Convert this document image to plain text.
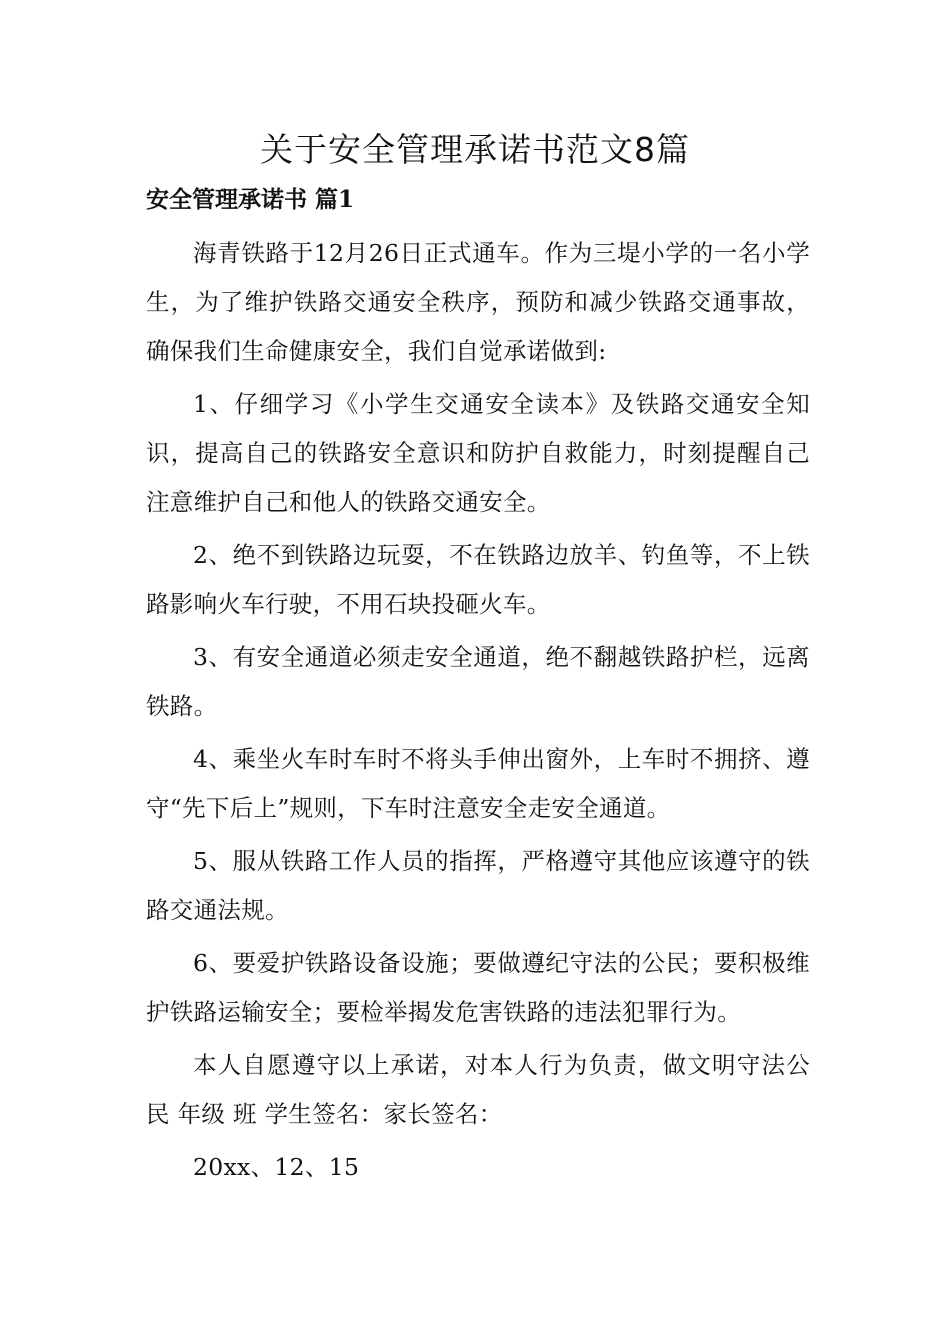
关于安全管理承诺书范文8篇
安全管理承诺书 篇1

海青铁路于12月26日正式通车。作为三堤小学的一名小学生，为了维护铁路交通安全秩序，预防和减少铁路交通事故，确保我们生命健康安全，我们自觉承诺做到:

1、仔细学习《小学生交通安全读本》及铁路交通安全知识，提高自己的铁路安全意识和防护自救能力，时刻提醒自己注意维护自己和他人的铁路交通安全。

2、绝不到铁路边玩耍，不在铁路边放羊、钓鱼等，不上铁路影响火车行驶，不用石块投砸火车。

3、有安全通道必须走安全通道，绝不翻越铁路护栏，远离铁路。

4、乘坐火车时车时不将头手伸出窗外，上车时不拥挤、遵守“先下后上”规则，下车时注意安全走安全通道。

5、服从铁路工作人员的指挥，严格遵守其他应该遵守的铁路交通法规。

6、要爱护铁路设备设施；要做遵纪守法的公民；要积极维护铁路运输安全；要检举揭发危害铁路的违法犯罪行为。

本人自愿遵守以上承诺，对本人行为负责，做文明守法公民 年级 班 学生签名：家长签名：

20xx、12、15
